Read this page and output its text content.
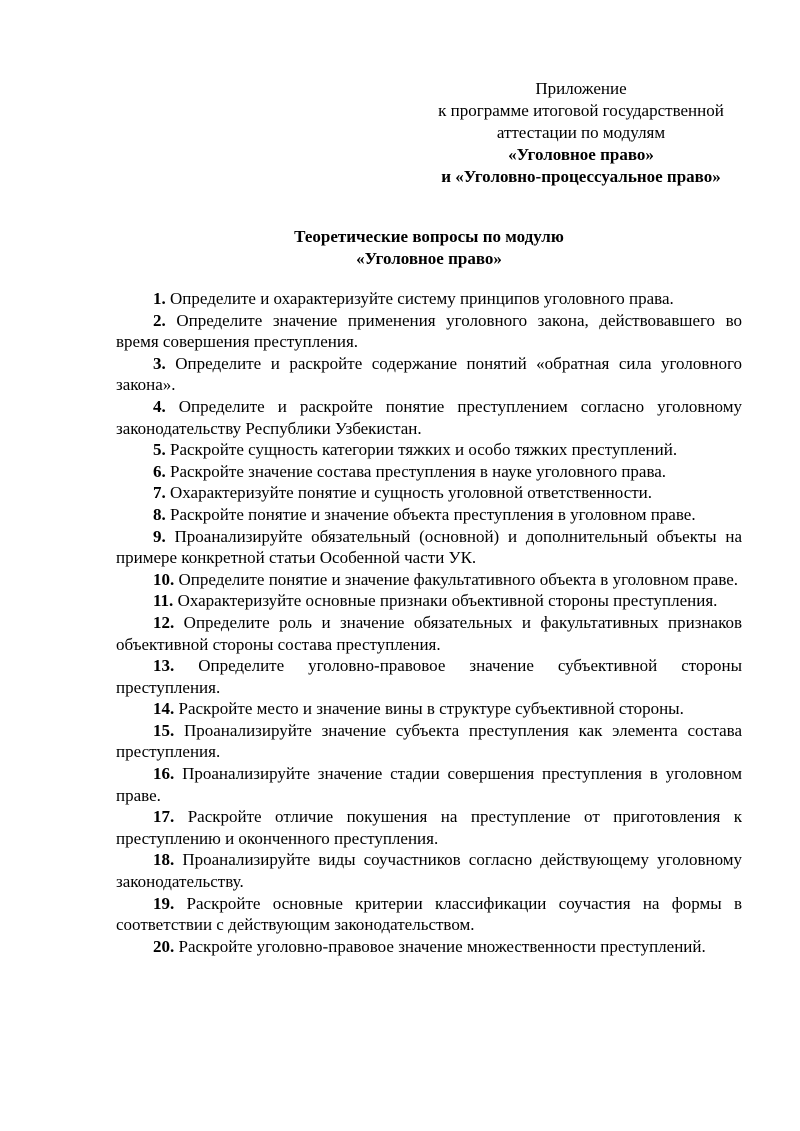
Приложение
к программе итоговой государственной
аттестации по модулям
«Уголовное право»
и «Уголовно-процессуальное право»
Теоретические вопросы по модулю
«Уголовное право»

1. Определите и охарактеризуйте систему принципов уголовного права.

2. Определите значение применения уголовного закона, действовавшего во время совершения преступления.

3. Определите и раскройте содержание понятий «обратная сила уголовного закона».

4. Определите и раскройте понятие преступлением согласно уголовному законодательству Республики Узбекистан.

5. Раскройте сущность категории тяжких и особо тяжких преступлений.

6. Раскройте значение состава преступления в науке уголовного права.

7. Охарактеризуйте понятие и сущность уголовной ответственности.

8. Раскройте понятие и значение объекта преступления в уголовном праве.

9. Проанализируйте обязательный (основной) и дополнительный объекты на примере конкретной статьи Особенной части УК.

10. Определите понятие и значение факультативного объекта в уголовном праве.

11. Охарактеризуйте основные признаки объективной стороны преступления.

12. Определите роль и значение обязательных и факультативных признаков объективной стороны состава преступления.

13. Определите уголовно-правовое значение субъективной стороны преступления.

14. Раскройте место и значение вины в структуре субъективной стороны.

15. Проанализируйте значение субъекта преступления как элемента состава преступления.

16. Проанализируйте значение стадии совершения преступления в уголовном праве.

17. Раскройте отличие покушения на преступление от приготовления к преступлению и оконченного преступления.

18. Проанализируйте виды соучастников согласно действующему уголовному законодательству.

19. Раскройте основные критерии классификации соучастия на формы в соответствии с действующим законодательством.

20. Раскройте уголовно-правовое значение множественности преступлений.
